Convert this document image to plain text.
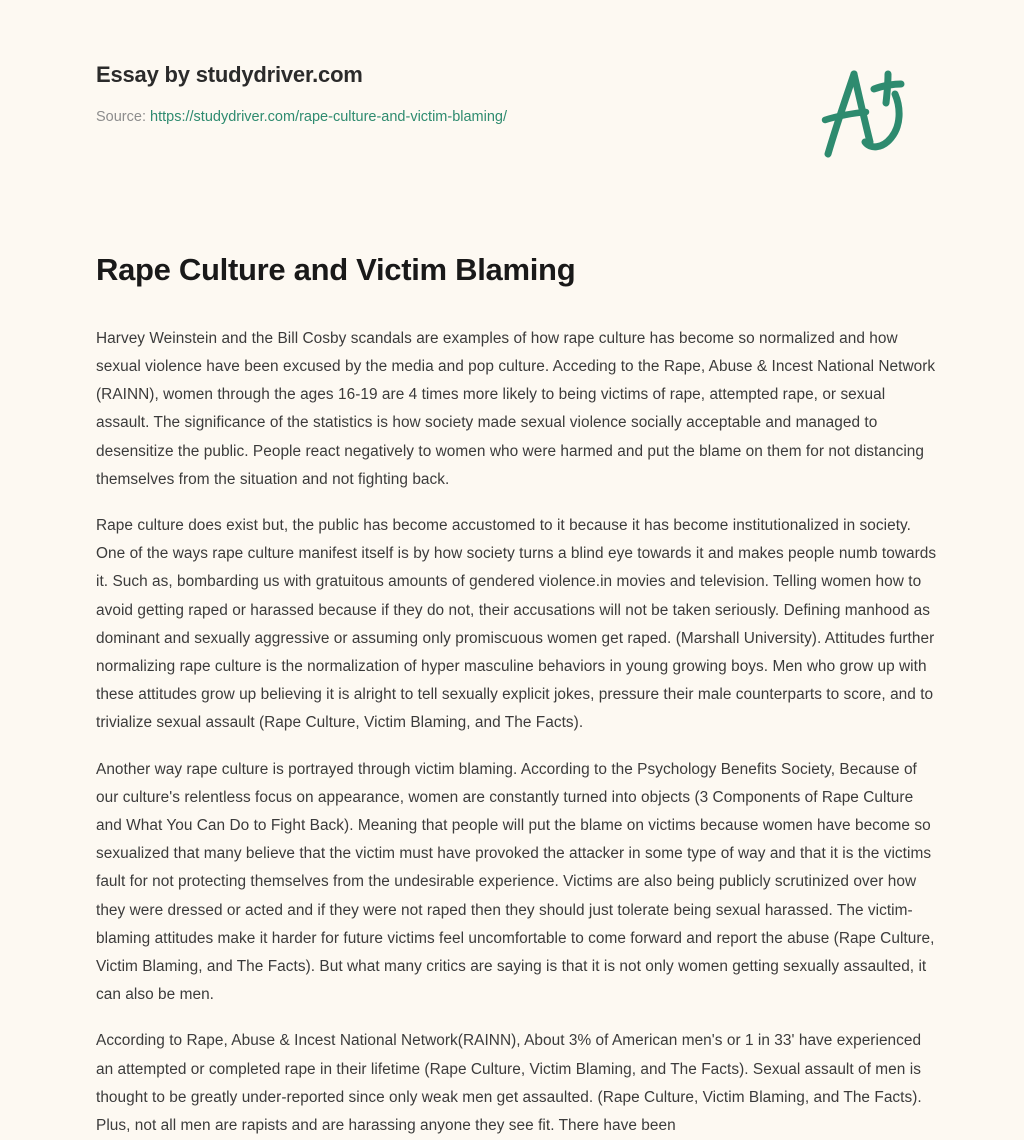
Essay by studydriver.com
Source: https://studydriver.com/rape-culture-and-victim-blaming/
Rape Culture and Victim Blaming

Harvey Weinstein and the Bill Cosby scandals are examples of how rape culture has become so normalized and how sexual violence have been excused by the media and pop culture. Acceding to the Rape, Abuse & Incest National Network (RAINN), women through the ages 16-19 are 4 times more likely to being victims of rape, attempted rape, or sexual assault. The significance of the statistics is how society made sexual violence socially acceptable and managed to desensitize the public. People react negatively to women who were harmed and put the blame on them for not distancing themselves from the situation and not fighting back.

Rape culture does exist but, the public has become accustomed to it because it has become institutionalized in society. One of the ways rape culture manifest itself is by how society turns a blind eye towards it and makes people numb towards it. Such as, bombarding us with gratuitous amounts of gendered violence.in movies and television. Telling women how to avoid getting raped or harassed because if they do not, their accusations will not be taken seriously. Defining manhood as dominant and sexually aggressive or assuming only promiscuous women get raped. (Marshall University). Attitudes further normalizing rape culture is the normalization of hyper masculine behaviors in young growing boys. Men who grow up with these attitudes grow up believing it is alright to tell sexually explicit jokes, pressure their male counterparts to score, and to trivialize sexual assault (Rape Culture, Victim Blaming, and The Facts).

Another way rape culture is portrayed through victim blaming. According to the Psychology Benefits Society, Because of our culture's relentless focus on appearance, women are constantly turned into objects (3 Components of Rape Culture and What You Can Do to Fight Back). Meaning that people will put the blame on victims because women have become so sexualized that many believe that the victim must have provoked the attacker in some type of way and that it is the victims fault for not protecting themselves from the undesirable experience. Victims are also being publicly scrutinized over how they were dressed or acted and if they were not raped then they should just tolerate being sexual harassed. The victim-blaming attitudes make it harder for future victims feel uncomfortable to come forward and report the abuse (Rape Culture, Victim Blaming, and The Facts). But what many critics are saying is that it is not only women getting sexually assaulted, it can also be men.

According to Rape, Abuse & Incest National Network(RAINN), About 3% of American men's or 1 in 33' have experienced an attempted or completed rape in their lifetime (Rape Culture, Victim Blaming, and The Facts). Sexual assault of men is thought to be greatly under-reported since only weak men get assaulted. (Rape Culture, Victim Blaming, and The Facts). Plus, not all men are rapists and are harassing anyone they see fit. There have been
